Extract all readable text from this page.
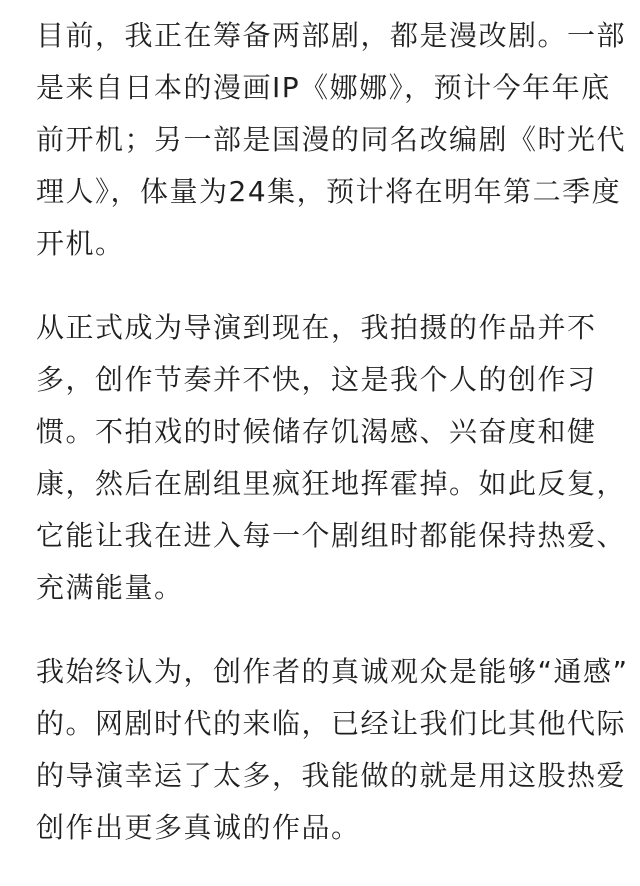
目前，我正在筹备两部剧，都是漫改剧。一部
是来自日本的漫画IP《娜娜》，预计今年年底
前开机；另一部是国漫的同名改编剧《时光代
理人》，体量为24集，预计将在明年第二季度
开机。

从正式成为导演到现在，我拍摄的作品并不
多，创作节奏并不快，这是我个人的创作习
惯。不拍戏的时候储存饥渴感、兴奋度和健
康，然后在剧组里疯狂地挥霍掉。如此反复，
它能让我在进入每一个剧组时都能保持热爱、
充满能量。

我始终认为，创作者的真诚观众是能够“通感”
的。网剧时代的来临，已经让我们比其他代际
的导演幸运了太多，我能做的就是用这股热爱
创作出更多真诚的作品。
